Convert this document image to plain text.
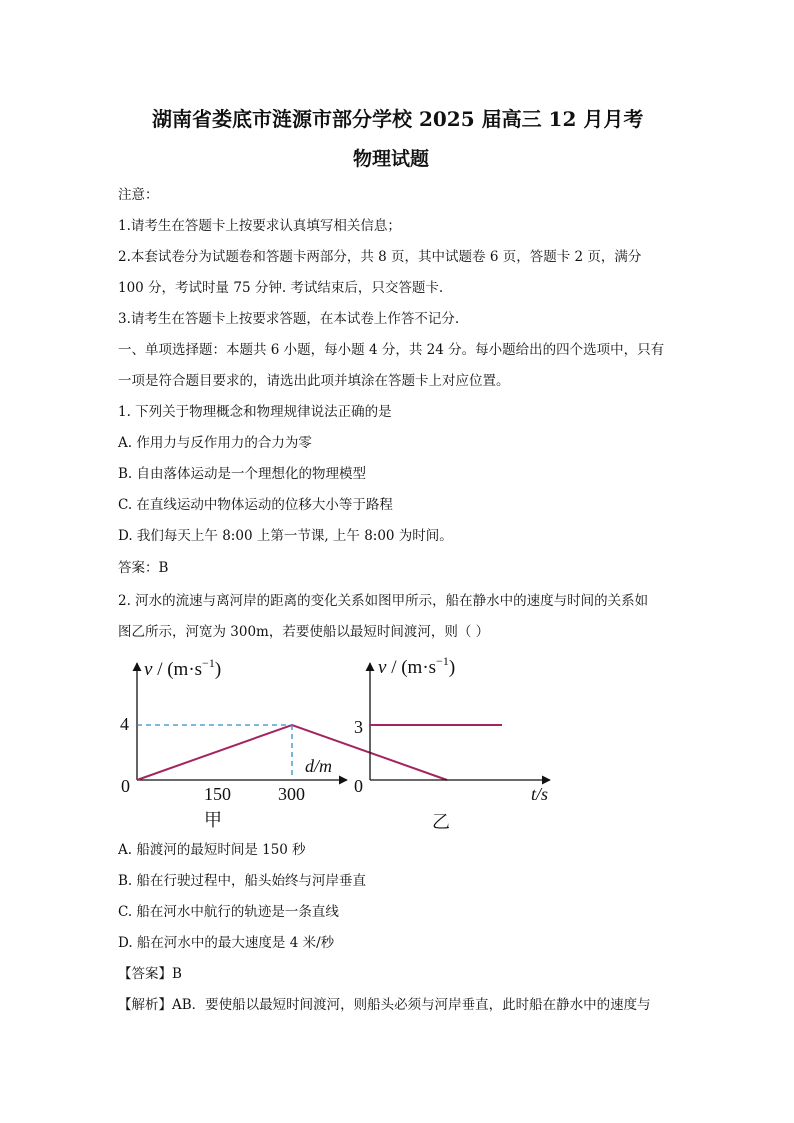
湖南省娄底市涟源市部分学校 2025 届高三 12 月月考
物理试题
注意：
1.请考生在答题卡上按要求认真填写相关信息；
2.本套试卷分为试题卷和答题卡两部分，共 8 页，其中试题卷 6 页，答题卡 2 页，满分
100 分，考试时量 75 分钟. 考试结束后，只交答题卡.
3.请考生在答题卡上按要求答题，在本试卷上作答不记分.
一、单项选择题：本题共 6 小题，每小题 4 分，共 24 分。每小题给出的四个选项中，只有
一项是符合题目要求的，请选出此项并填涂在答题卡上对应位置。
1. 下列关于物理概念和物理规律说法正确的是
A. 作用力与反作用力的合力为零
B. 自由落体运动是一个理想化的物理模型
C. 在直线运动中物体运动的位移大小等于路程
D. 我们每天上午 8:00 上第一节课, 上午 8:00 为时间。
答案：B
2. 河水的流速与离河岸的距离的变化关系如图甲所示，船在静水中的速度与时间的关系如
图乙所示，河宽为 300m，若要使船以最短时间渡河，则（ ）
$v / (m\cdot s^{-1})$
d/m
0
4
150	300
甲
$v / (m\cdot s^{-1})$
t/s
0
3
乙
A. 船渡河的最短时间是 150 秒
B. 船在行驶过程中，船头始终与河岸垂直
C. 船在河水中航行的轨迹是一条直线
D. 船在河水中的最大速度是 4 米/秒
【答案】B
【解析】AB．要使船以最短时间渡河，则船头必须与河岸垂直，此时船在静水中的速度与
